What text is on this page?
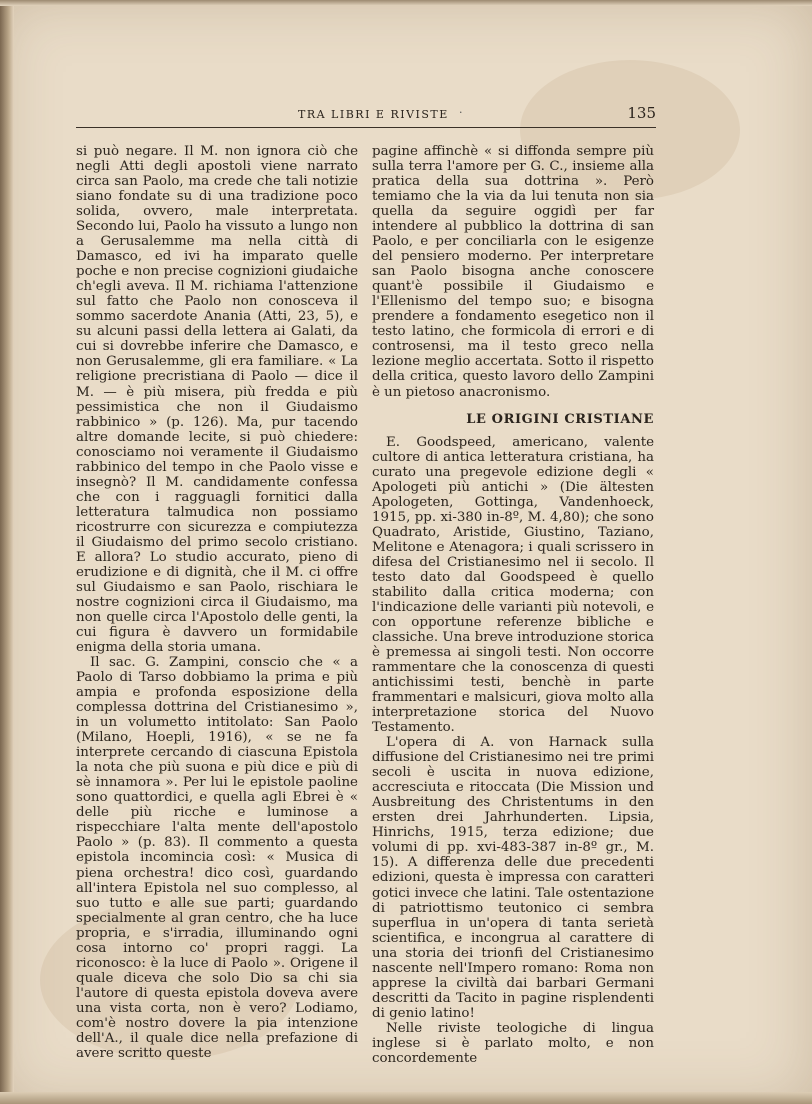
TRA LIBRI E RIVISTE ·	135

si può negare. Il M. non ignora ciò che negli Atti degli apostoli viene narrato circa san Paolo, ma crede che tali notizie siano fondate su di una tradizione poco solida, ovvero, male interpretata. Secondo lui, Paolo ha vissuto a lungo non a Gerusalemme ma nella città di Damasco, ed ivi ha imparato quelle poche e non precise cognizioni giudaiche ch'egli aveva. Il M. richiama l'attenzione sul fatto che Paolo non conosceva il sommo sacerdote Anania (Atti, 23, 5), e su alcuni passi della lettera ai Galati, da cui si dovrebbe inferire che Damasco, e non Gerusalemme, gli era familiare. « La religione precristiana di Paolo — dice il M. — è più misera, più fredda e più pessimistica che non il Giudaismo rabbinico » (p. 126). Ma, pur tacendo altre domande lecite, si può chiedere: conosciamo noi veramente il Giudaismo rabbinico del tempo in che Paolo visse e insegnò? Il M. candidamente confessa che con i ragguagli fornitici dalla letteratura talmudica non possiamo ricostrurre con sicurezza e compiutezza il Giudaismo del primo secolo cristiano. E allora? Lo studio accurato, pieno di erudizione e di dignità, che il M. ci offre sul Giudaismo e san Paolo, rischiara le nostre cognizioni circa il Giudaismo, ma non quelle circa l'Apostolo delle genti, la cui figura è davvero un formidabile enigma della storia umana.

Il sac. G. Zampini, conscio che « a Paolo di Tarso dobbiamo la prima e più ampia e profonda esposizione della complessa dottrina del Cristianesimo », in un volumetto intitolato: San Paolo (Milano, Hoepli, 1916), « se ne fa interprete cercando di ciascuna Epistola la nota che più suona e più dice e più di sè innamora ». Per lui le epistole paoline sono quattordici, e quella agli Ebrei è « delle più ricche e luminose a rispecchiare l'alta mente dell'apostolo Paolo » (p. 83). Il commento a questa epistola incomincia così: « Musica di piena orchestra! dico così, guardando all'intera Epistola nel suo complesso, al suo tutto e alle sue parti; guardando specialmente al gran centro, che ha luce propria, e s'irradia, illuminando ogni cosa intorno co' propri raggi. La riconosco: è la luce di Paolo ». Origene il quale diceva che solo Dio sa chi sia l'autore di questa epistola doveva avere una vista corta, non è vero? Lodiamo, com'è nostro dovere la pia intenzione dell'A., il quale dice nella prefazione di avere scritto queste

pagine affinchè « si diffonda sempre più sulla terra l'amore per G. C., insieme alla pratica della sua dottrina ». Però temiamo che la via da lui tenuta non sia quella da seguire oggidì per far intendere al pubblico la dottrina di san Paolo, e per conciliarla con le esigenze del pensiero moderno. Per interpretare san Paolo bisogna anche conoscere quant'è possibile il Giudaismo e l'Ellenismo del tempo suo; e bisogna prendere a fondamento esegetico non il testo latino, che formicola di errori e di controsensi, ma il testo greco nella lezione meglio accertata. Sotto il rispetto della critica, questo lavoro dello Zampini è un pietoso anacronismo.

LE ORIGINI CRISTIANE

E. Goodspeed, americano, valente cultore di antica letteratura cristiana, ha curato una pregevole edizione degli « Apologeti più antichi » (Die ältesten Apologeten, Gottinga, Vandenhoeck, 1915, pp. xi-380 in-8º, M. 4,80); che sono Quadrato, Aristide, Giustino, Taziano, Melitone e Atenagora; i quali scrissero in difesa del Cristianesimo nel ii secolo. Il testo dato dal Goodspeed è quello stabilito dalla critica moderna; con l'indicazione delle varianti più notevoli, e con opportune referenze bibliche e classiche. Una breve introduzione storica è premessa ai singoli testi. Non occorre rammentare che la conoscenza di questi antichissimi testi, benchè in parte frammentari e malsicuri, giova molto alla interpretazione storica del Nuovo Testamento.

L'opera di A. von Harnack sulla diffusione del Cristianesimo nei tre primi secoli è uscita in nuova edizione, accresciuta e ritoccata (Die Mission und Ausbreitung des Christentums in den ersten drei Jahrhunderten. Lipsia, Hinrichs, 1915, terza edizione; due volumi di pp. xvi-483-387 in-8º gr., M. 15). A differenza delle due precedenti edizioni, questa è impressa con caratteri gotici invece che latini. Tale ostentazione di patriottismo teutonico ci sembra superflua in un'opera di tanta serietà scientifica, e incongrua al carattere di una storia dei trionfi del Cristianesimo nascente nell'Impero romano: Roma non apprese la civiltà dai barbari Germani descritti da Tacito in pagine risplendenti di genio latino!

Nelle riviste teologiche di lingua inglese si è parlato molto, e non concordemente
